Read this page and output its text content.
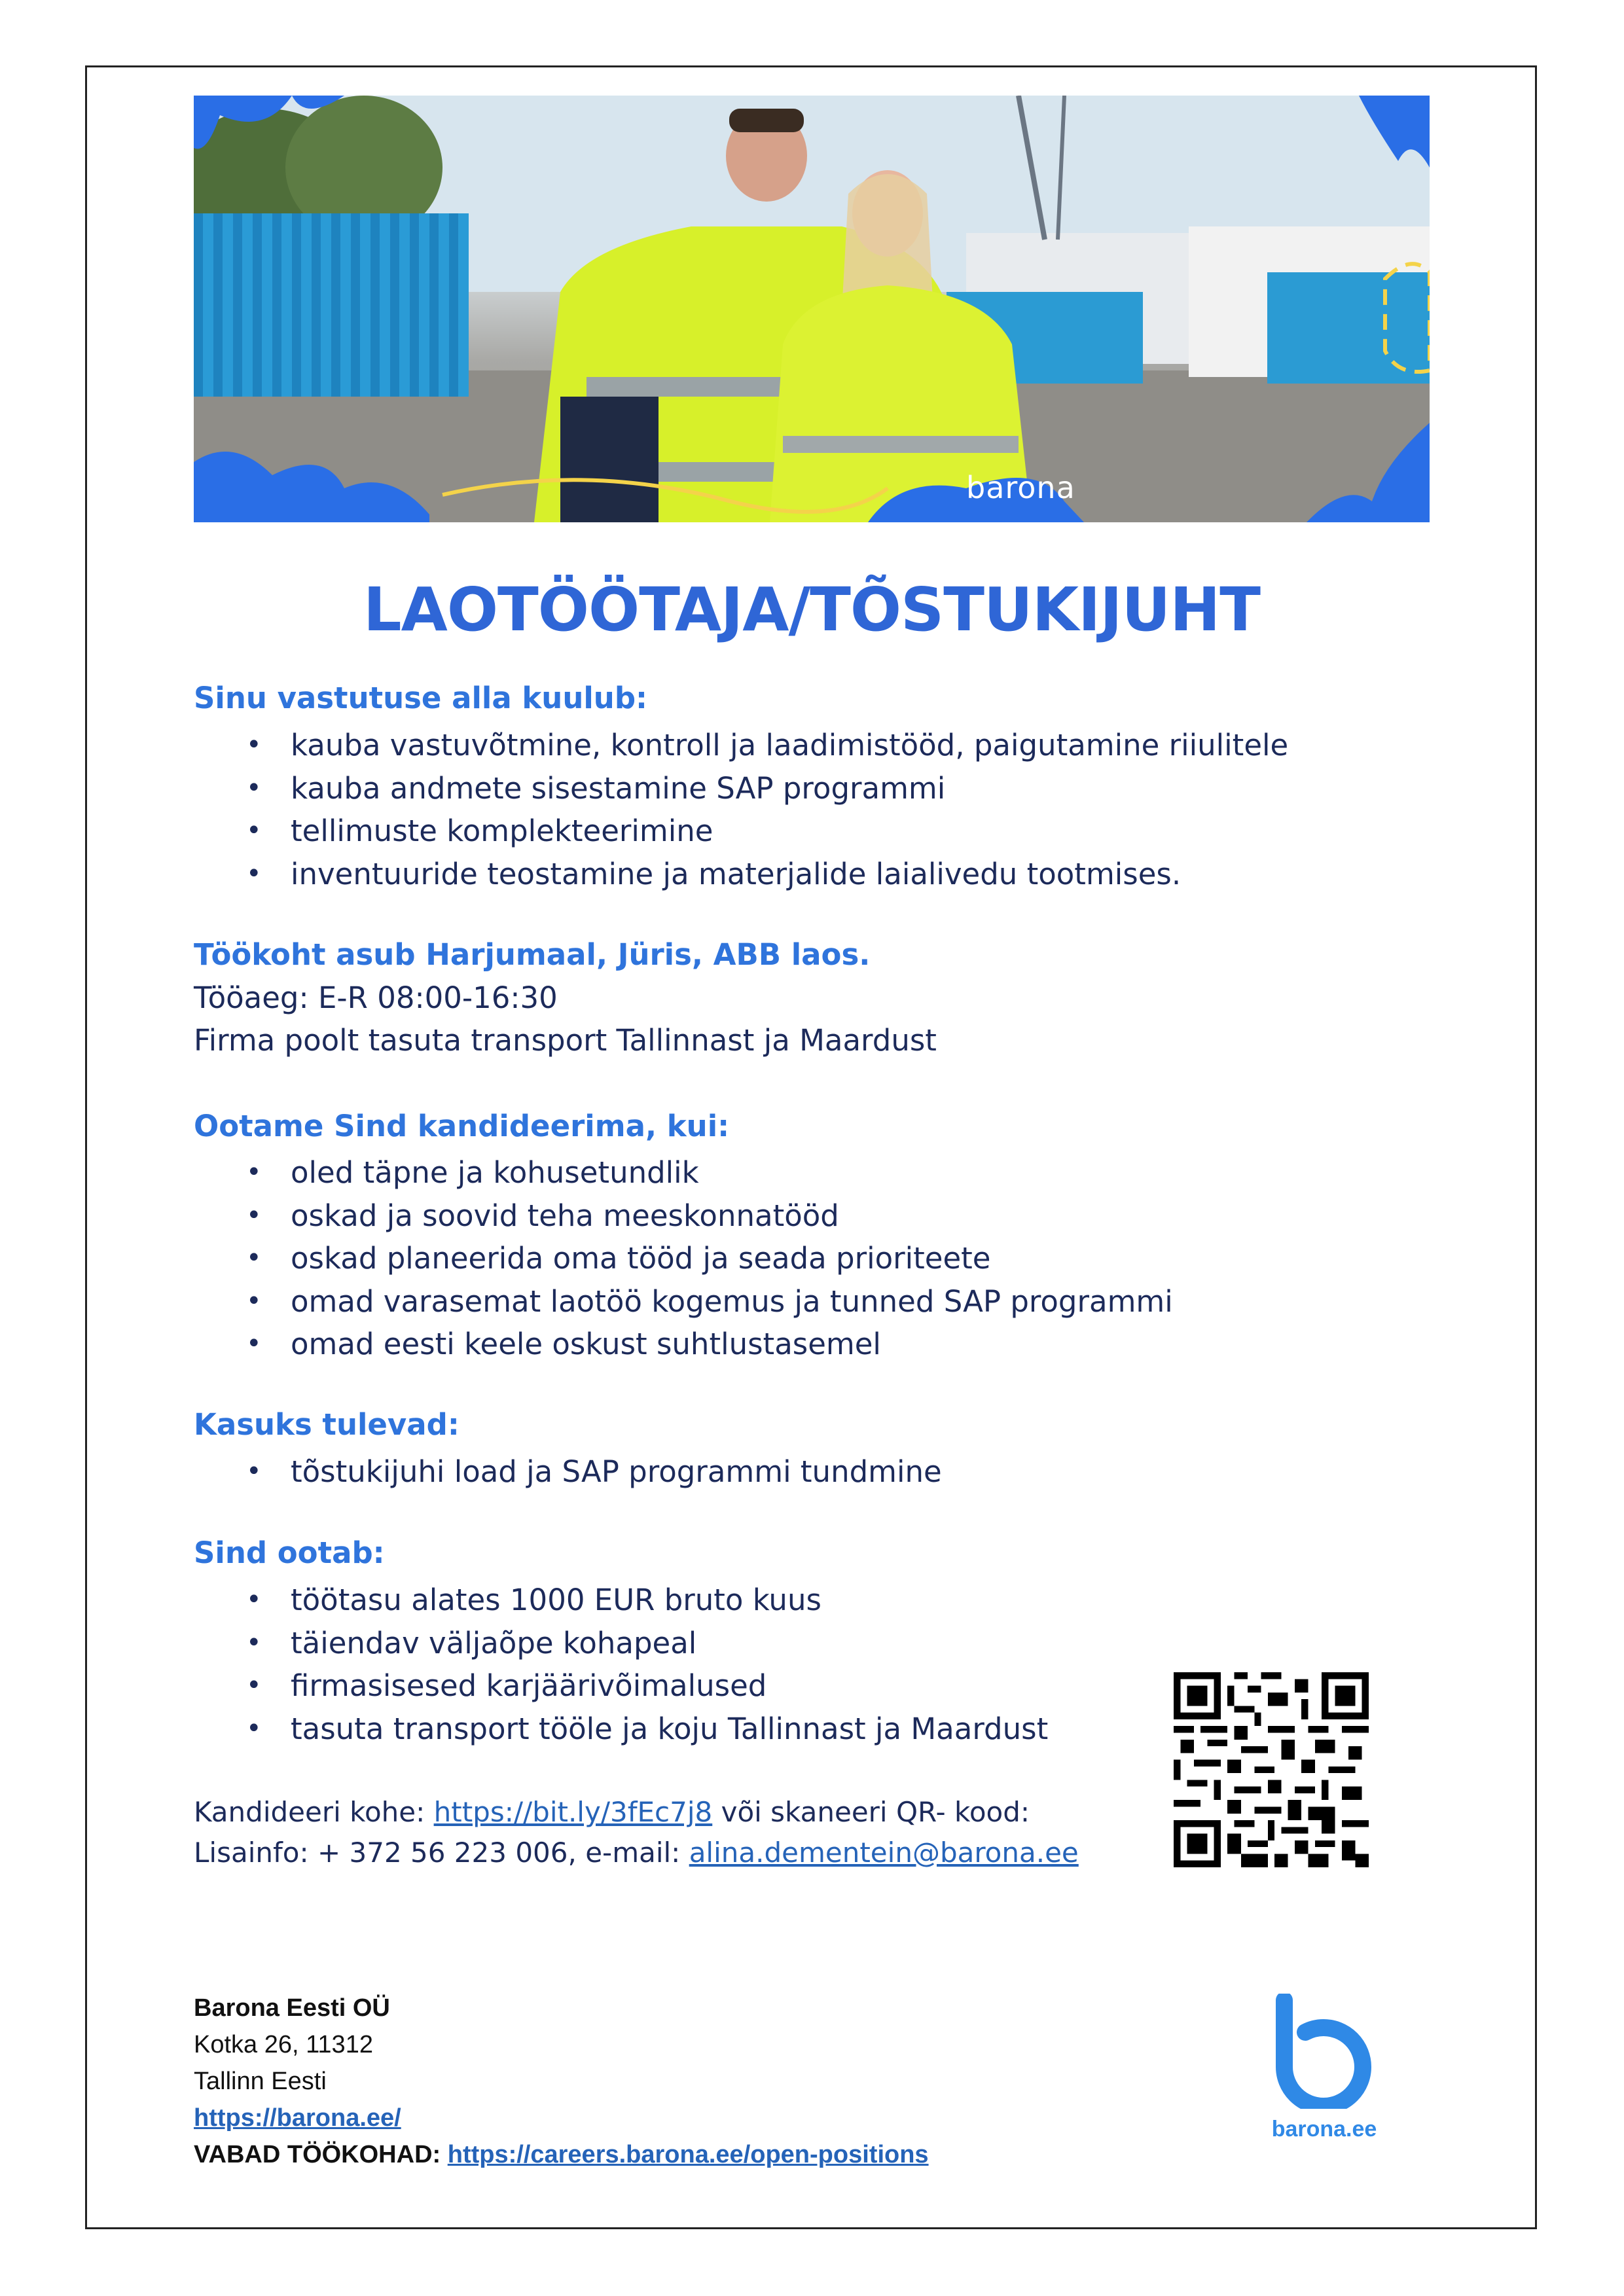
barona
LAOTÖÖTAJA/TÕSTUKIJUHT

Sinu vastutuse alla kuulub:

• kauba vastuvõtmine, kontroll ja laadimistööd, paigutamine riiulitele
• kauba andmete sisestamine SAP programmi
• tellimuste komplekteerimine
• inventuuride teostamine ja materjalide laialivedu tootmises.

Töökoht asub Harjumaal, Jüris, ABB laos.

Tööaeg: E-R 08:00-16:30

Firma poolt tasuta transport Tallinnast ja Maardust

Ootame Sind kandideerima, kui:

• oled täpne ja kohusetundlik
• oskad ja soovid teha meeskonnatööd
• oskad planeerida oma tööd ja seada prioriteete
• omad varasemat laotöö kogemus ja tunned SAP programmi
• omad eesti keele oskust suhtlustasemel

Kasuks tulevad:

• tõstukijuhi load ja SAP programmi tundmine

Sind ootab:

• töötasu alates 1000 EUR bruto kuus
• täiendav väljaõpe kohapeal
• firmasisesed karjäärivõimalused
• tasuta transport tööle ja koju Tallinnast ja Maardust

Kandideeri kohe: https://bit.ly/3fEc7j8 või skaneeri QR- kood:

Lisainfo: + 372 56 223 006, e-mail: alina.dementein@barona.ee

Barona Eesti OÜ
Kotka 26, 11312
Tallinn Eesti
https://barona.ee/
VABAD TÖÖKOHAD: https://careers.barona.ee/open-positions
barona.ee
